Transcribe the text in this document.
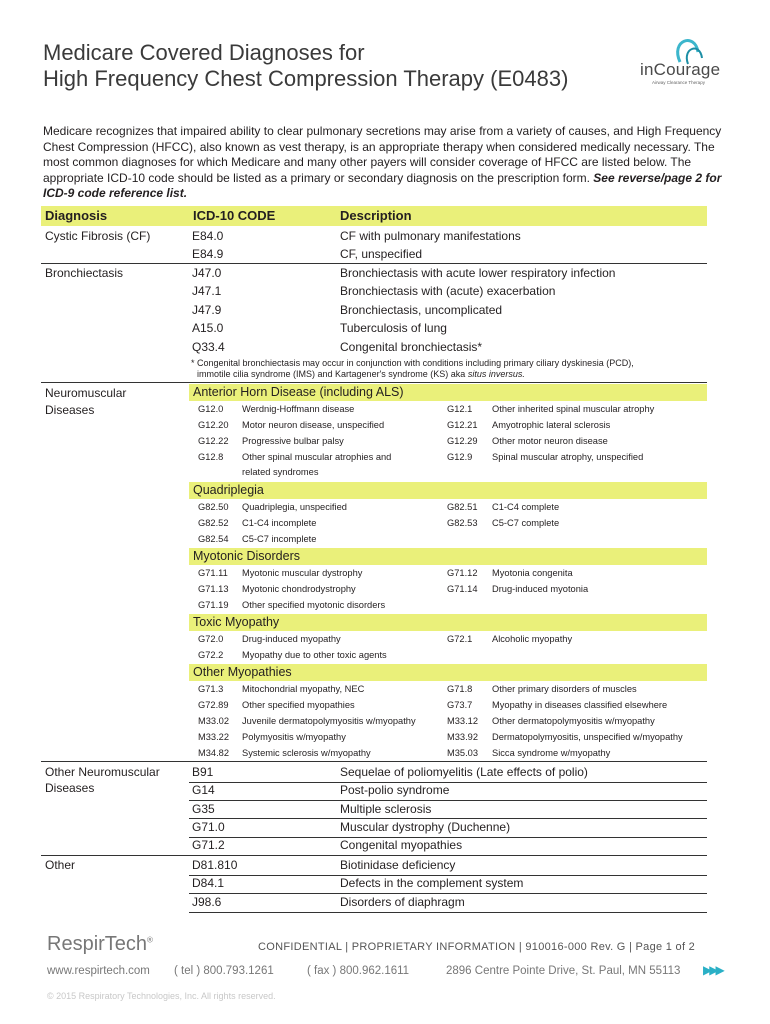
Medicare Covered Diagnoses for
High Frequency Chest Compression Therapy (E0483)	inCourage
Airway Clearance Therapy
Medicare recognizes that impaired ability to clear pulmonary secretions may arise from a variety of causes, and High Frequency Chest Compression (HFCC), also known as vest therapy, is an appropriate therapy when considered medically necessary. The most common diagnoses for which Medicare and many other payers will consider coverage of HFCC are listed below. The appropriate ICD-10 code should be listed as a primary or secondary diagnosis on the prescription form. See reverse/page 2 for ICD-9 code reference list.
Diagnosis	ICD-10 CODE	Description
Cystic Fibrosis (CF)	E84.0	CF with pulmonary manifestations
E84.9	CF, unspecified
Bronchiectasis	J47.0	Bronchiectasis with acute lower respiratory infection
J47.1	Bronchiectasis with (acute) exacerbation
J47.9	Bronchiectasis, uncomplicated
A15.0	Tuberculosis of lung
Q33.4	Congenital bronchiectasis*
* Congenital bronchiectasis may occur in conjunction with conditions including primary ciliary dyskinesia (PCD),
immotile cilia syndrome (IMS) and Kartagener's syndrome (KS) aka situs inversus.
Neuromuscular
Diseases
Anterior Horn Disease (including ALS)
G12.0 Werdnig-Hoffmann disease	G12.1 Other inherited spinal muscular atrophy
G12.20 Motor neuron disease, unspecified	G12.21 Amyotrophic lateral sclerosis
G12.22 Progressive bulbar palsy	G12.29 Other motor neuron disease
G12.8 Other spinal muscular atrophies and	G12.9 Spinal muscular atrophy, unspecified
related syndromes
Quadriplegia
G82.50 Quadriplegia, unspecified	G82.51 C1-C4 complete
G82.52 C1-C4 incomplete	G82.53 C5-C7 complete
G82.54 C5-C7 incomplete
Myotonic Disorders
G71.11 Myotonic muscular dystrophy	G71.12 Myotonia congenita
G71.13 Myotonic chondrodystrophy	G71.14 Drug-induced myotonia
G71.19 Other specified myotonic disorders
Toxic Myopathy
G72.0 Drug-induced myopathy	G72.1 Alcoholic myopathy
G72.2 Myopathy due to other toxic agents
Other Myopathies
G71.3 Mitochondrial myopathy, NEC	G71.8 Other primary disorders of muscles
G72.89 Other specified myopathies	G73.7 Myopathy in diseases classified elsewhere
M33.02 Juvenile dermatopolymyositis w/myopathy	M33.12 Other dermatopolymyositis w/myopathy
M33.22 Polymyositis w/myopathy	M33.92 Dermatopolymyositis, unspecified w/myopathy
M34.82 Systemic sclerosis w/myopathy	M35.03 Sicca syndrome w/myopathy
Other Neuromuscular
Diseases
B91	Sequelae of poliomyelitis (Late effects of polio)
G14	Post-polio syndrome
G35	Multiple sclerosis
G71.0	Muscular dystrophy (Duchenne)
G71.2	Congenital myopathies
Other	D81.810	Biotinidase deficiency
D84.1	Defects in the complement system
J98.6	Disorders of diaphragm
RespirTech®
CONFIDENTIAL | PROPRIETARY INFORMATION | 910016-000 Rev. G | Page 1 of 2
www.respirtech.com ( tel ) 800.793.1261	( fax ) 800.962.1611	2896 Centre Pointe Drive, St. Paul, MN 55113 ▶▶▶
© 2015 Respiratory Technologies, Inc. All rights reserved.
